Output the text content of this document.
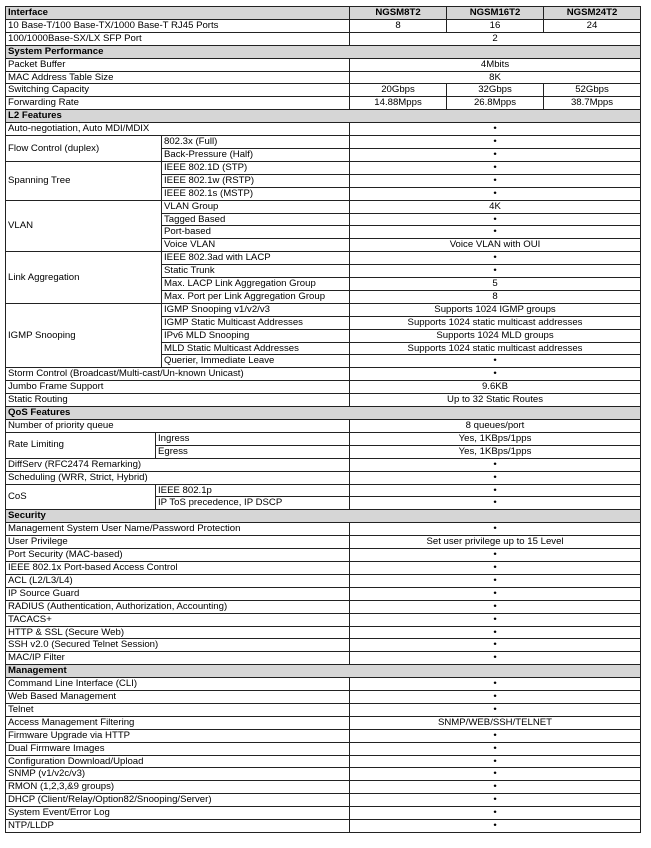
Interface			NGSM8T2	NGSM16T2	NGSM24T2
10 Base-T/100 Base-TX/1000 Base-T RJ45 Ports			8	16	24
100/1000Base-SX/LX SFP Port			2		
System Performance					
Packet Buffer			4Mbits		
MAC Address Table Size			8K		
Switching Capacity			20Gbps	32Gbps	52Gbps
Forwarding Rate			14.88Mpps	26.8Mpps	38.7Mpps
L2 Features					
Auto-negotiation, Auto MDI/MDIX			•		
Flow Control (duplex)		802.3x (Full)	•		
		Back-Pressure (Half)	•		
Spanning Tree		IEEE 802.1D (STP)	•		
		IEEE 802.1w (RSTP)	•		
		IEEE 802.1s (MSTP)	•		
VLAN		VLAN Group	4K		
		Tagged Based	•		
		Port-based	•		
		Voice VLAN	Voice VLAN with OUI		
Link Aggregation		IEEE 802.3ad with LACP	•		
		Static Trunk	•		
		Max. LACP Link Aggregation Group	5		
		Max. Port per Link Aggregation Group	8		
IGMP Snooping		IGMP Snooping v1/v2/v3	Supports 1024 IGMP groups		
		IGMP Static Multicast Addresses	Supports 1024 static multicast addresses		
		IPv6 MLD Snooping	Supports 1024 MLD groups		
		MLD Static Multicast Addresses	Supports 1024 static multicast addresses		
		Querier, Immediate Leave	•		
Storm Control (Broadcast/Multi-cast/Un-known Unicast)			•		
Jumbo Frame Support			9.6KB		
Static Routing			Up to 32 Static Routes		
QoS Features					
Number of priority queue			8 queues/port		
Rate Limiting	Ingress		Yes, 1KBps/1pps		
	Egress		Yes, 1KBps/1pps		
DiffServ (RFC2474 Remarking)			•		
Scheduling (WRR, Strict, Hybrid)			•		
CoS	IEEE 802.1p		•		
	IP ToS precedence, IP DSCP		•		
Security					
Management System User Name/Password Protection			•		
User Privilege			Set user privilege up to 15 Level		
Port Security (MAC-based)			•		
IEEE 802.1x Port-based Access Control			•		
ACL (L2/L3/L4)			•		
IP Source Guard			•		
RADIUS (Authentication, Authorization, Accounting)			•		
TACACS+			•		
HTTP & SSL (Secure Web)			•		
SSH v2.0 (Secured Telnet Session)			•		
MAC/IP Filter			•		
Management					
Command Line Interface (CLI)			•		
Web Based Management			•		
Telnet			•		
Access Management Filtering			SNMP/WEB/SSH/TELNET		
Firmware Upgrade via HTTP			•		
Dual Firmware Images			•		
Configuration Download/Upload			•		
SNMP (v1/v2c/v3)			•		
RMON (1,2,3,&9 groups)			•		
DHCP (Client/Relay/Option82/Snooping/Server)			•		
System Event/Error Log			•		
NTP/LLDP			•		
